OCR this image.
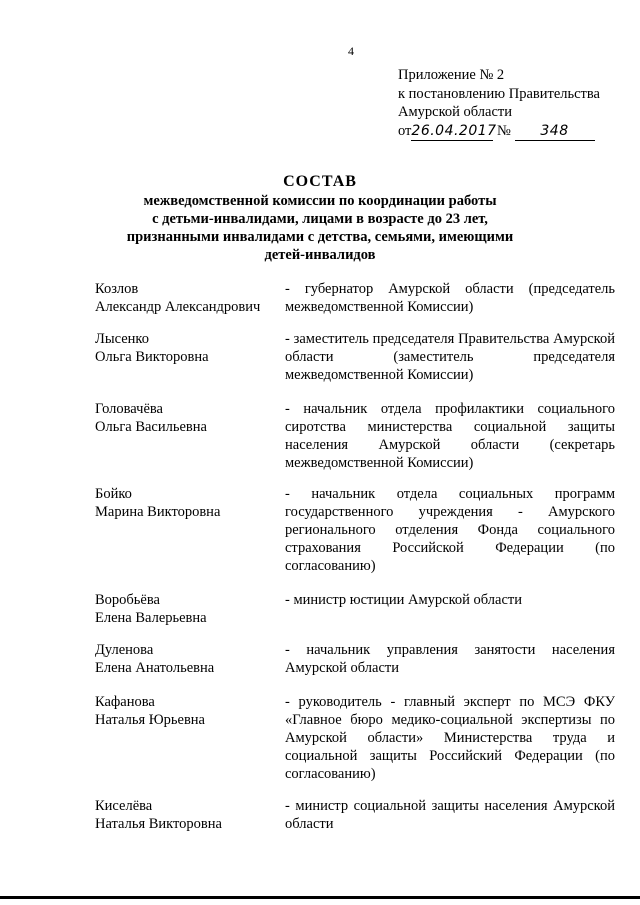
4
Приложение № 2
к постановлению Правительства
Амурской области
от26.04.2017 № 348
СОСТАВ
межведомственной комиссии по координации работы
с детьми-инвалидами, лицами в возрасте до 23 лет,
признанными инвалидами с детства, семьями, имеющими
детей-инвалидов
Козлов
Александр Александрович
- губернатор Амурской области (председатель межведомственной Комиссии)
Лысенко
Ольга Викторовна
- заместитель председателя Правительства Амурской области (заместитель председателя межведомственной Комиссии)
Головачёва
Ольга Васильевна
- начальник отдела профилактики социального сиротства министерства социальной защиты населения Амурской области (секретарь межведомственной Комиссии)
Бойко
Марина Викторовна
- начальник отдела социальных программ государственного учреждения - Амурского регионального отделения Фонда социального страхования Российской Федерации (по согласованию)
Воробьёва
Елена Валерьевна
- министр юстиции Амурской области
Дуленова
Елена Анатольевна
- начальник управления занятости населения Амурской области
Кафанова
Наталья Юрьевна
- руководитель - главный эксперт по МСЭ ФКУ «Главное бюро медико-социальной экспертизы по Амурской области» Министерства труда и социальной защиты Российский Федерации (по согласованию)
Киселёва
Наталья Викторовна
- министр социальной защиты населения Амурской области
